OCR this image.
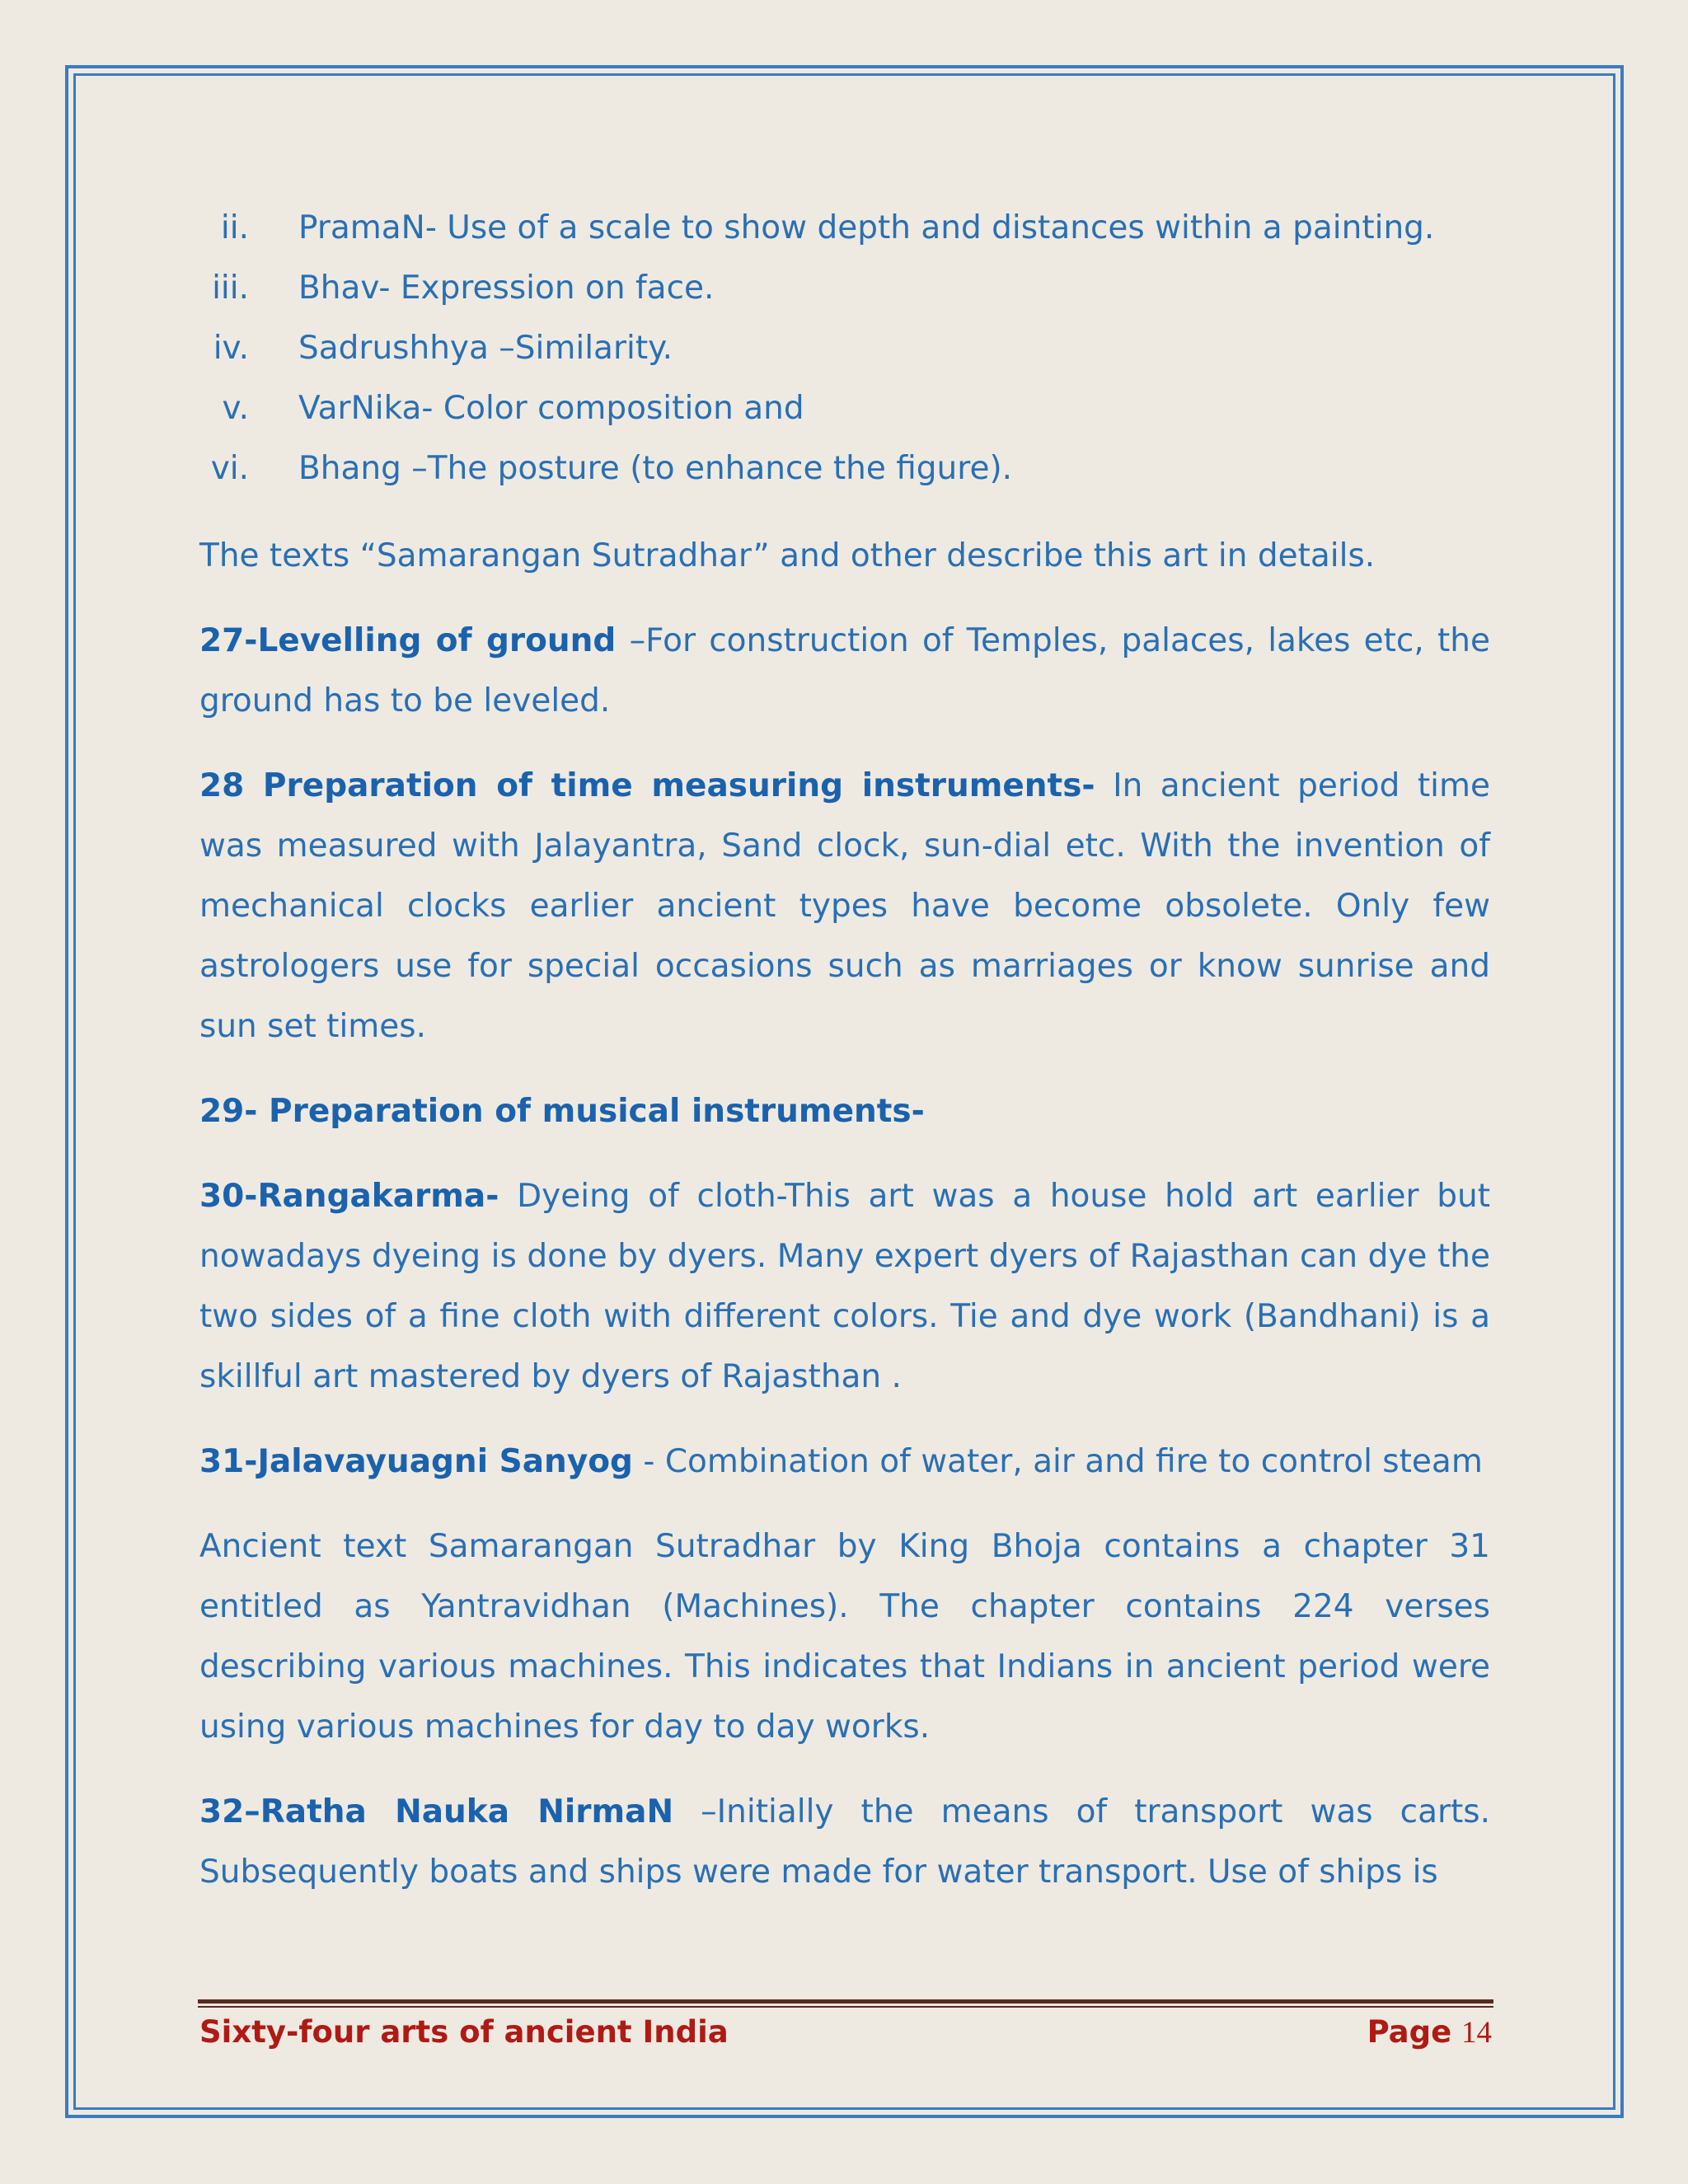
ii. PramaN- Use of a scale to show depth and distances within a painting.
iii. Bhav- Expression on face.
iv. Sadrushhya –Similarity.
v. VarNika- Color composition and
vi. Bhang –The posture (to enhance the figure).

The texts “Samarangan Sutradhar” and other describe this art in details.

27-Levelling of ground –For construction of Temples, palaces, lakes etc, the ground has to be leveled.

28 Preparation of time measuring instruments- In ancient period time was measured with Jalayantra, Sand clock, sun-dial etc. With the invention of mechanical clocks earlier ancient types have become obsolete. Only few astrologers use for special occasions such as marriages or know sunrise and sun set times.

29- Preparation of musical instruments-

30-Rangakarma- Dyeing of cloth-This art was a house hold art earlier but nowadays dyeing is done by dyers. Many expert dyers of Rajasthan can dye the two sides of a fine cloth with different colors. Tie and dye work (Bandhani) is a skillful art mastered by dyers of Rajasthan .

31-Jalavayuagni Sanyog - Combination of water, air and fire to control steam

Ancient text Samarangan Sutradhar by King Bhoja contains a chapter 31 entitled as Yantravidhan (Machines). The chapter contains 224 verses describing various machines. This indicates that Indians in ancient period were using various machines for day to day works.

32–Ratha Nauka NirmaN –Initially the means of transport was carts. Subsequently boats and ships were made for water transport. Use of ships is

Sixty-four arts of ancient India	Page 14
